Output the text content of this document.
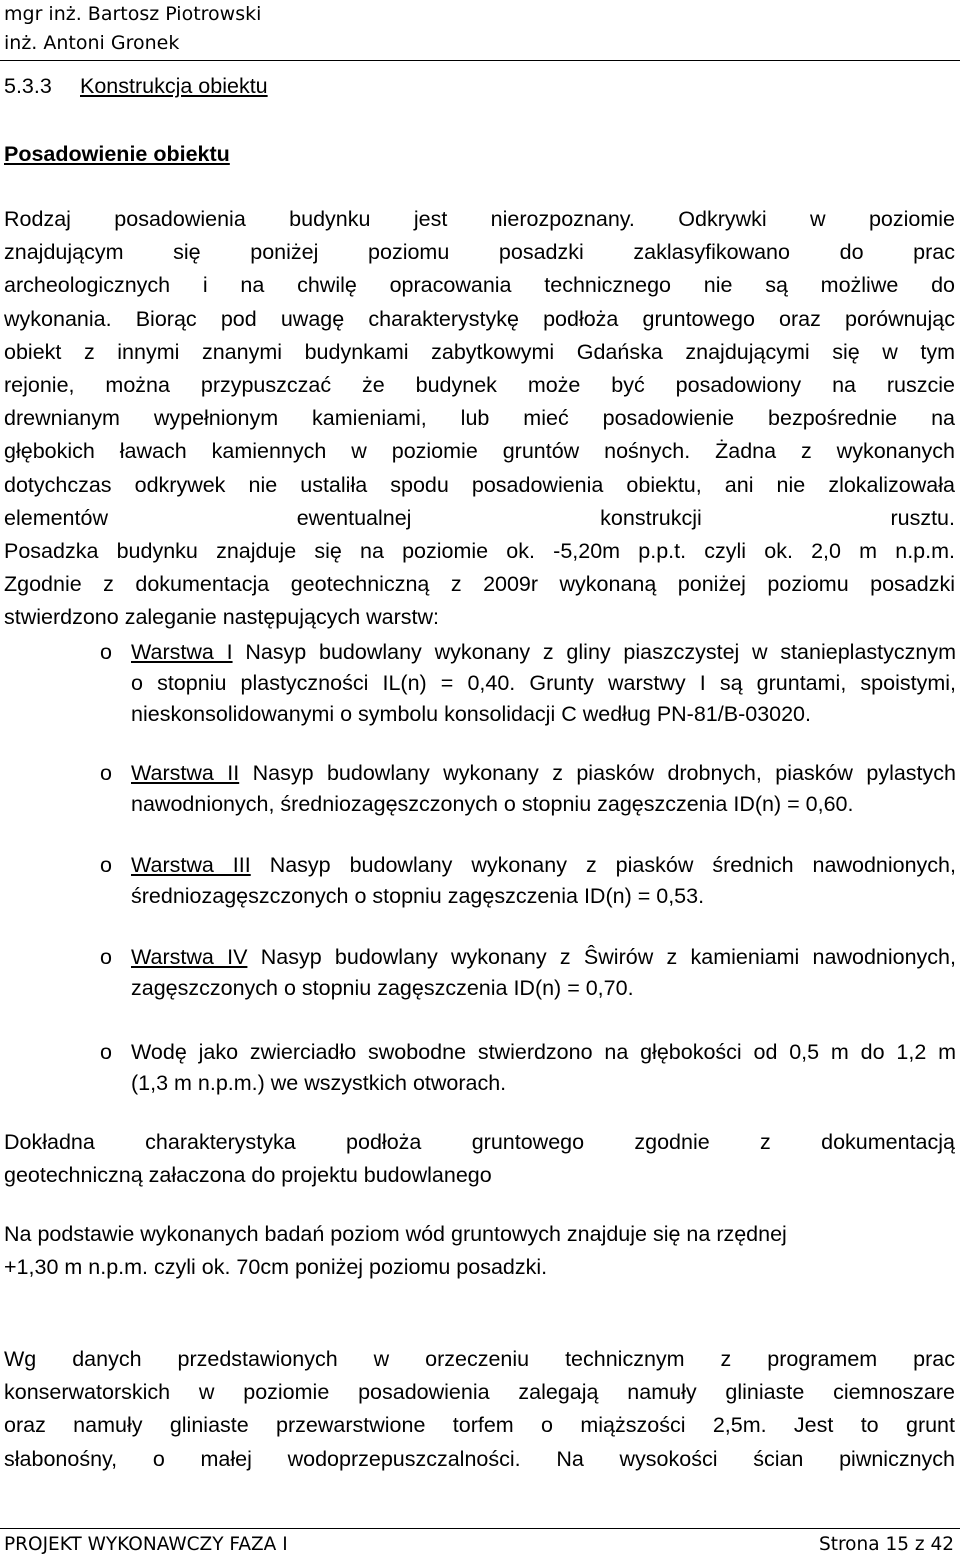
mgr inż. Bartosz Piotrowski
inż. Antoni Gronek
5.3.3 Konstrukcja obiektu
Posadowienie obiektu
Rodzaj posadowienia budynku jest nierozpoznany. Odkrywki w poziomie
znajdującym się poniżej poziomu posadzki zaklasyfikowano do prac
archeologicznych i na chwilę opracowania technicznego nie są możliwe do
wykonania. Biorąc pod uwagę charakterystykę podłoża gruntowego oraz porównując
obiekt z innymi znanymi budynkami zabytkowymi Gdańska znajdującymi się w tym
rejonie, można przypuszczać że budynek może być posadowiony na ruszcie
drewnianym wypełnionym kamieniami, lub mieć posadowienie bezpośrednie na
głębokich ławach kamiennych w poziomie gruntów nośnych. Żadna z wykonanych
dotychczas odkrywek nie ustaliła spodu posadowienia obiektu, ani nie zlokalizowała
elementów ewentualnej konstrukcji rusztu.
Posadzka budynku znajduje się na poziomie ok. -5,20m p.p.t. czyli ok. 2,0 m n.p.m.
Zgodnie z dokumentacja geotechniczną z 2009r wykonaną poniżej poziomu posadzki
stwierdzono zaleganie następujących warstw:
o Warstwa I Nasyp budowlany wykonany z gliny piaszczystej w stanieplastycznym
o stopniu plastyczności IL(n) = 0,40. Grunty warstwy I są gruntami, spoistymi,
nieskonsolidowanymi o symbolu konsolidacji C według PN-81/B-03020.
o Warstwa II Nasyp budowlany wykonany z piasków drobnych, piasków pylastych
nawodnionych, średniozagęszczonych o stopniu zagęszczenia ID(n) = 0,60.
o Warstwa III Nasyp budowlany wykonany z piasków średnich nawodnionych,
średniozagęszczonych o stopniu zagęszczenia ID(n) = 0,53.
o Warstwa IV Nasyp budowlany wykonany z Ŝwirów z kamieniami nawodnionych,
zagęszczonych o stopniu zagęszczenia ID(n) = 0,70.
o Wodę jako zwierciadło swobodne stwierdzono na głębokości od 0,5 m do 1,2 m
(1,3 m n.p.m.) we wszystkich otworach.
Dokładna charakterystyka podłoża gruntowego zgodnie z dokumentacją
geotechniczną załaczona do projektu budowlanego
Na podstawie wykonanych badań poziom wód gruntowych znajduje się na rzędnej
+1,30 m n.p.m. czyli ok. 70cm poniżej poziomu posadzki.
Wg danych przedstawionych w orzeczeniu technicznym z programem prac
konserwatorskich w poziomie posadowienia zalegają namuły gliniaste ciemnoszare
oraz namuły gliniaste przewarstwione torfem o miąższości 2,5m. Jest to grunt
słabonośny, o małej wodoprzepuszczalności. Na wysokości ścian piwnicznych
PROJEKT WYKONAWCZY FAZA I	Strona 15 z 42
